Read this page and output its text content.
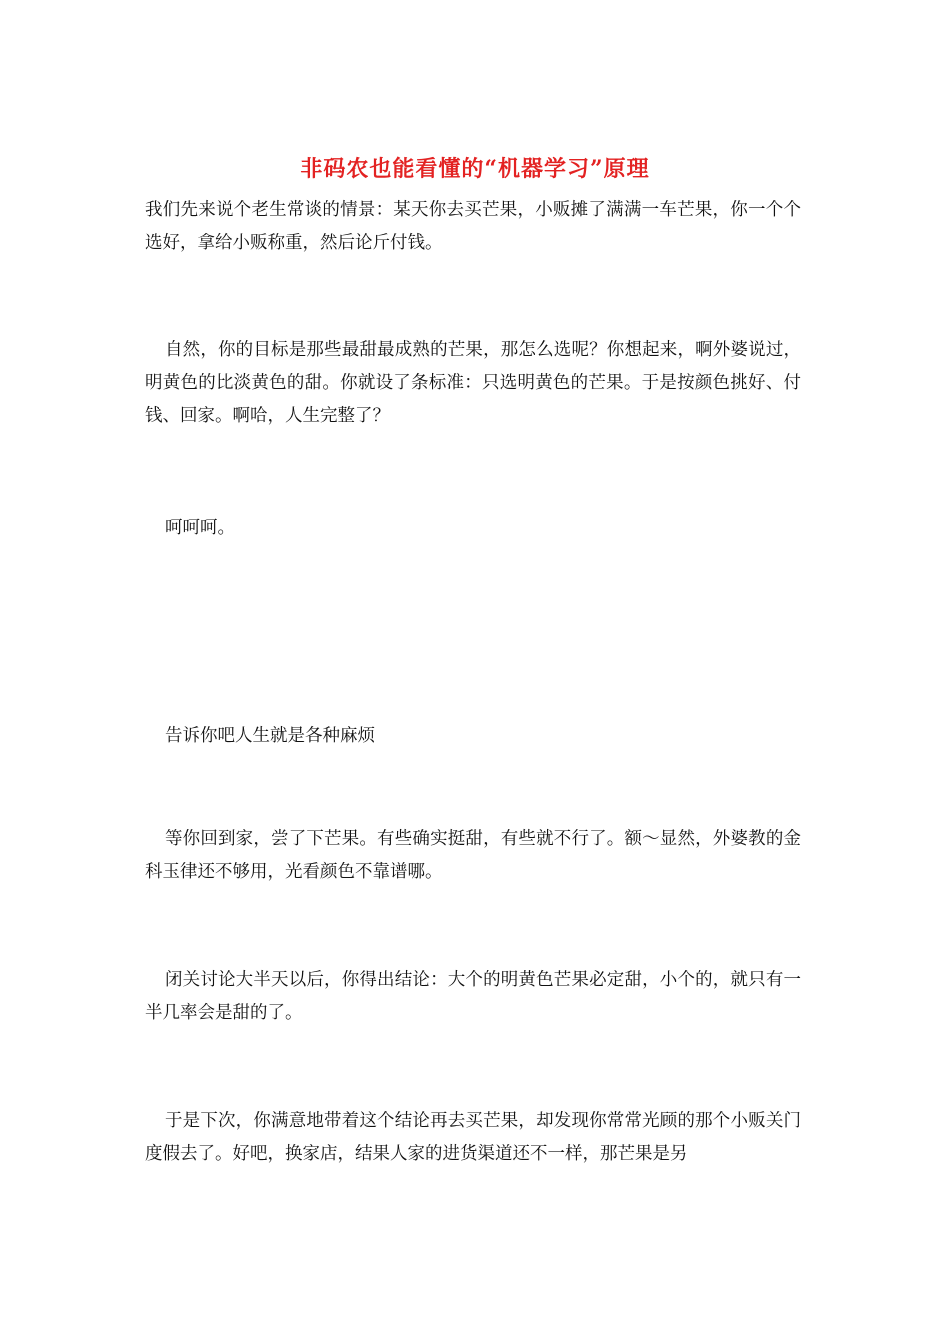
非码农也能看懂的“机器学习”原理
我们先来说个老生常谈的情景：某天你去买芒果，小贩摊了满满一车芒果，你一个个选好，拿给小贩称重，然后论斤付钱。
自然，你的目标是那些最甜最成熟的芒果，那怎么选呢？你想起来，啊外婆说过，明黄色的比淡黄色的甜。你就设了条标准：只选明黄色的芒果。于是按颜色挑好、付钱、回家。啊哈，人生完整了？
呵呵呵。
告诉你吧人生就是各种麻烦
等你回到家，尝了下芒果。有些确实挺甜，有些就不行了。额～显然，外婆教的金科玉律还不够用，光看颜色不靠谱哪。
闭关讨论大半天以后，你得出结论：大个的明黄色芒果必定甜，小个的，就只有一半几率会是甜的了。
于是下次，你满意地带着这个结论再去买芒果，却发现你常常光顾的那个小贩关门度假去了。好吧，换家店，结果人家的进货渠道还不一样，那芒果是另
